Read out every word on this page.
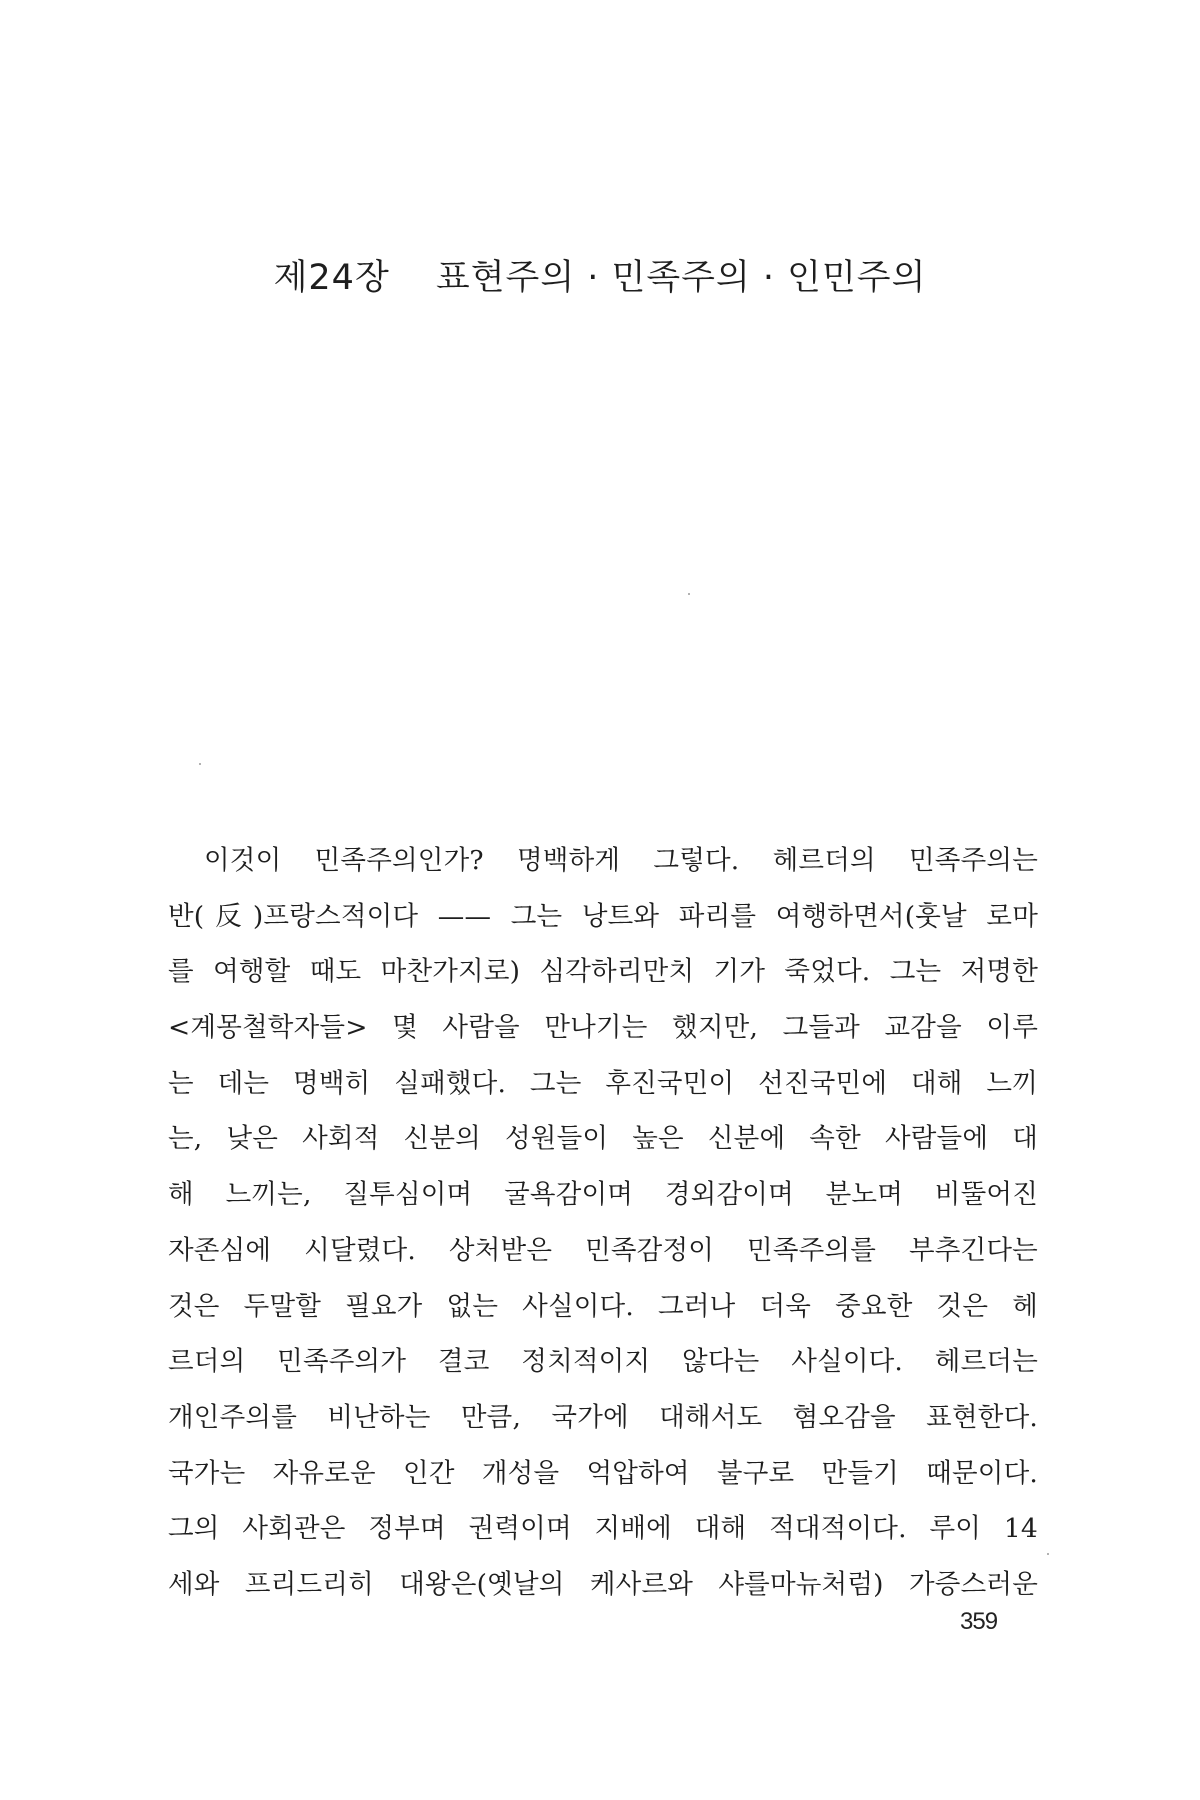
제24장 표현주의 · 민족주의 · 인민주의

이것이 민족주의인가? 명백하게 그렇다. 헤르더의 민족주의는
반(反)프랑스적이다 —— 그는 낭트와 파리를 여행하면서(훗날 로마
를 여행할 때도 마찬가지로) 심각하리만치 기가 죽었다. 그는 저명한
<계몽철학자들> 몇 사람을 만나기는 했지만, 그들과 교감을 이루
는 데는 명백히 실패했다. 그는 후진국민이 선진국민에 대해 느끼
는, 낮은 사회적 신분의 성원들이 높은 신분에 속한 사람들에 대
해 느끼는, 질투심이며 굴욕감이며 경외감이며 분노며 비뚤어진
자존심에 시달렸다. 상처받은 민족감정이 민족주의를 부추긴다는
것은 두말할 필요가 없는 사실이다. 그러나 더욱 중요한 것은 헤
르더의 민족주의가 결코 정치적이지 않다는 사실이다. 헤르더는
개인주의를 비난하는 만큼, 국가에 대해서도 혐오감을 표현한다.
국가는 자유로운 인간 개성을 억압하여 불구로 만들기 때문이다.
그의 사회관은 정부며 권력이며 지배에 대해 적대적이다. 루이 14
세와 프리드리히 대왕은(옛날의 케사르와 샤를마뉴처럼) 가증스러운

359
